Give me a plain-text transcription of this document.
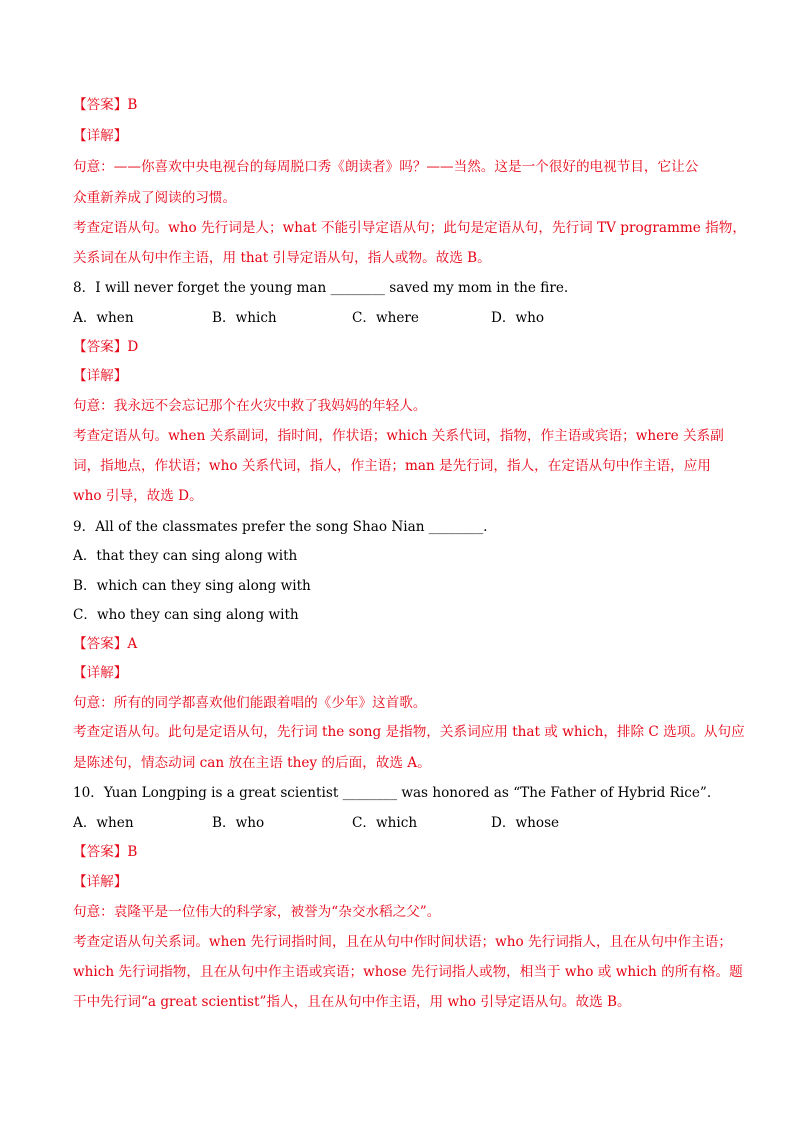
【答案】B
【详解】
句意：——你喜欢中央电视台的每周脱口秀《朗读者》吗？——当然。这是一个很好的电视节目，它让公
众重新养成了阅读的习惯。
考查定语从句。who 先行词是人；what 不能引导定语从句；此句是定语从句，先行词 TV programme 指物，
关系词在从句中作主语，用 that 引导定语从句，指人或物。故选 B。
8．I will never forget the young man ________ saved my mom in the fire.
A．when	B．which	C．where	D．who
【答案】D
【详解】
句意：我永远不会忘记那个在火灾中救了我妈妈的年轻人。
考查定语从句。when 关系副词，指时间，作状语；which 关系代词，指物，作主语或宾语；where 关系副
词，指地点，作状语；who 关系代词，指人，作主语；man 是先行词，指人，在定语从句中作主语，应用
who 引导，故选 D。
9．All of the classmates prefer the song Shao Nian ________.
A．that they can sing along with
B．which can they sing along with
C．who they can sing along with
【答案】A
【详解】
句意：所有的同学都喜欢他们能跟着唱的《少年》这首歌。
考查定语从句。此句是定语从句，先行词 the song 是指物，关系词应用 that 或 which，排除 C 选项。从句应
是陈述句，情态动词 can 放在主语 they 的后面，故选 A。
10．Yuan Longping is a great scientist ________ was honored as “The Father of Hybrid Rice”.
A．when	B．who	C．which	D．whose
【答案】B
【详解】
句意：袁隆平是一位伟大的科学家，被誉为“杂交水稻之父”。
考查定语从句关系词。when 先行词指时间，且在从句中作时间状语；who 先行词指人，且在从句中作主语；
which 先行词指物，且在从句中作主语或宾语；whose 先行词指人或物，相当于 who 或 which 的所有格。题
干中先行词“a great scientist”指人，且在从句中作主语，用 who 引导定语从句。故选 B。
